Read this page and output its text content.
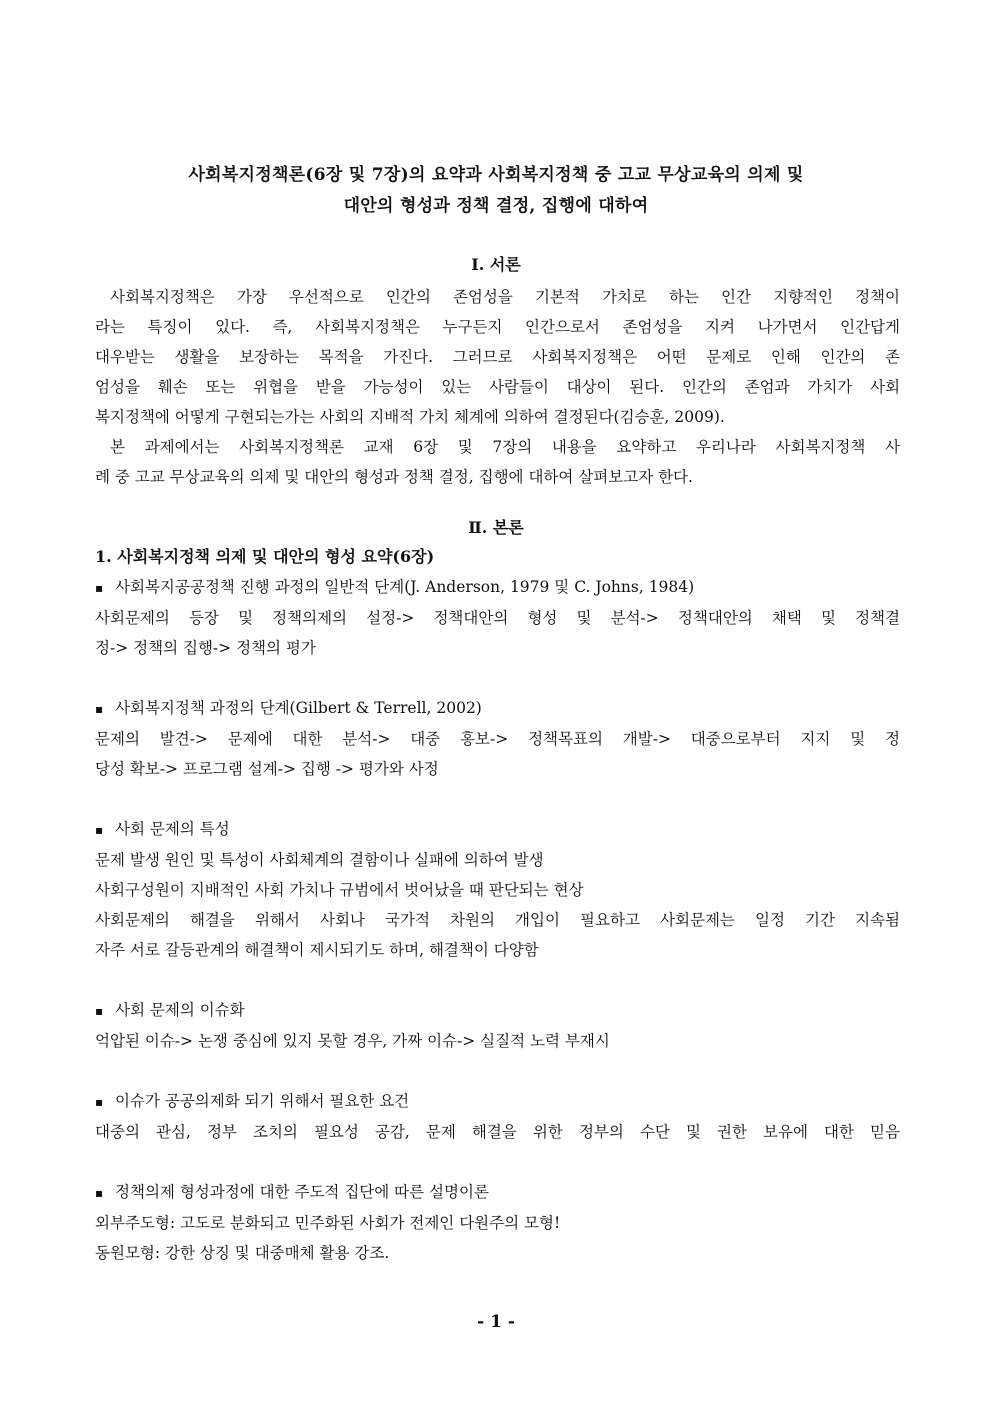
사회복지정책론(6장 및 7장)의 요약과 사회복지정책 중 고교 무상교육의 의제 및
대안의 형성과 정책 결정, 집행에 대하여
Ⅰ. 서론
사회복지정책은 가장 우선적으로 인간의 존엄성을 기본적 가치로 하는 인간 지향적인 정책이
라는 특징이 있다. 즉, 사회복지정책은 누구든지 인간으로서 존엄성을 지켜 나가면서 인간답게
대우받는 생활을 보장하는 목적을 가진다. 그러므로 사회복지정책은 어떤 문제로 인해 인간의 존
엄성을 훼손 또는 위협을 받을 가능성이 있는 사람들이 대상이 된다. 인간의 존엄과 가치가 사회
복지정책에 어떻게 구현되는가는 사회의 지배적 가치 체계에 의하여 결정된다(김승훈, 2009).
본 과제에서는 사회복지정책론 교재 6장 및 7장의 내용을 요약하고 우리나라 사회복지정책 사
례 중 고교 무상교육의 의제 및 대안의 형성과 정책 결정, 집행에 대하여 살펴보고자 한다.
Ⅱ. 본론
1. 사회복지정책 의제 및 대안의 형성 요약(6장)
▪ 사회복지공공정책 진행 과정의 일반적 단계(J. Anderson, 1979 및 C. Johns, 1984)
사회문제의 등장 및 정책의제의 설정-> 정책대안의 형성 및 분석-> 정책대안의 채택 및 정책결
정-> 정책의 집행-> 정책의 평가
▪ 사회복지정책 과정의 단계(Gilbert & Terrell, 2002)
문제의 발견-> 문제에 대한 분석-> 대중 홍보-> 정책목표의 개발-> 대중으로부터 지지 및 정
당성 확보-> 프로그램 설계-> 집행 -> 평가와 사정
▪ 사회 문제의 특성
문제 발생 원인 및 특성이 사회체계의 결함이나 실패에 의하여 발생
사회구성원이 지배적인 사회 가치나 규범에서 벗어났을 때 판단되는 현상
사회문제의 해결을 위해서 사회나 국가적 차원의 개입이 필요하고 사회문제는 일정 기간 지속됨
자주 서로 갈등관계의 해결책이 제시되기도 하며, 해결책이 다양함
▪ 사회 문제의 이슈화
억압된 이슈-> 논쟁 중심에 있지 못할 경우, 가짜 이슈-> 실질적 노력 부재시
▪ 이슈가 공공의제화 되기 위해서 필요한 요건
대중의 관심, 정부 조치의 필요성 공감, 문제 해결을 위한 정부의 수단 및 권한 보유에 대한 믿음
▪ 정책의제 형성과정에 대한 주도적 집단에 따른 설명이론
외부주도형: 고도로 분화되고 민주화된 사회가 전제인 다원주의 모형!
동원모형: 강한 상징 및 대중매체 활용 강조.
- 1 -
